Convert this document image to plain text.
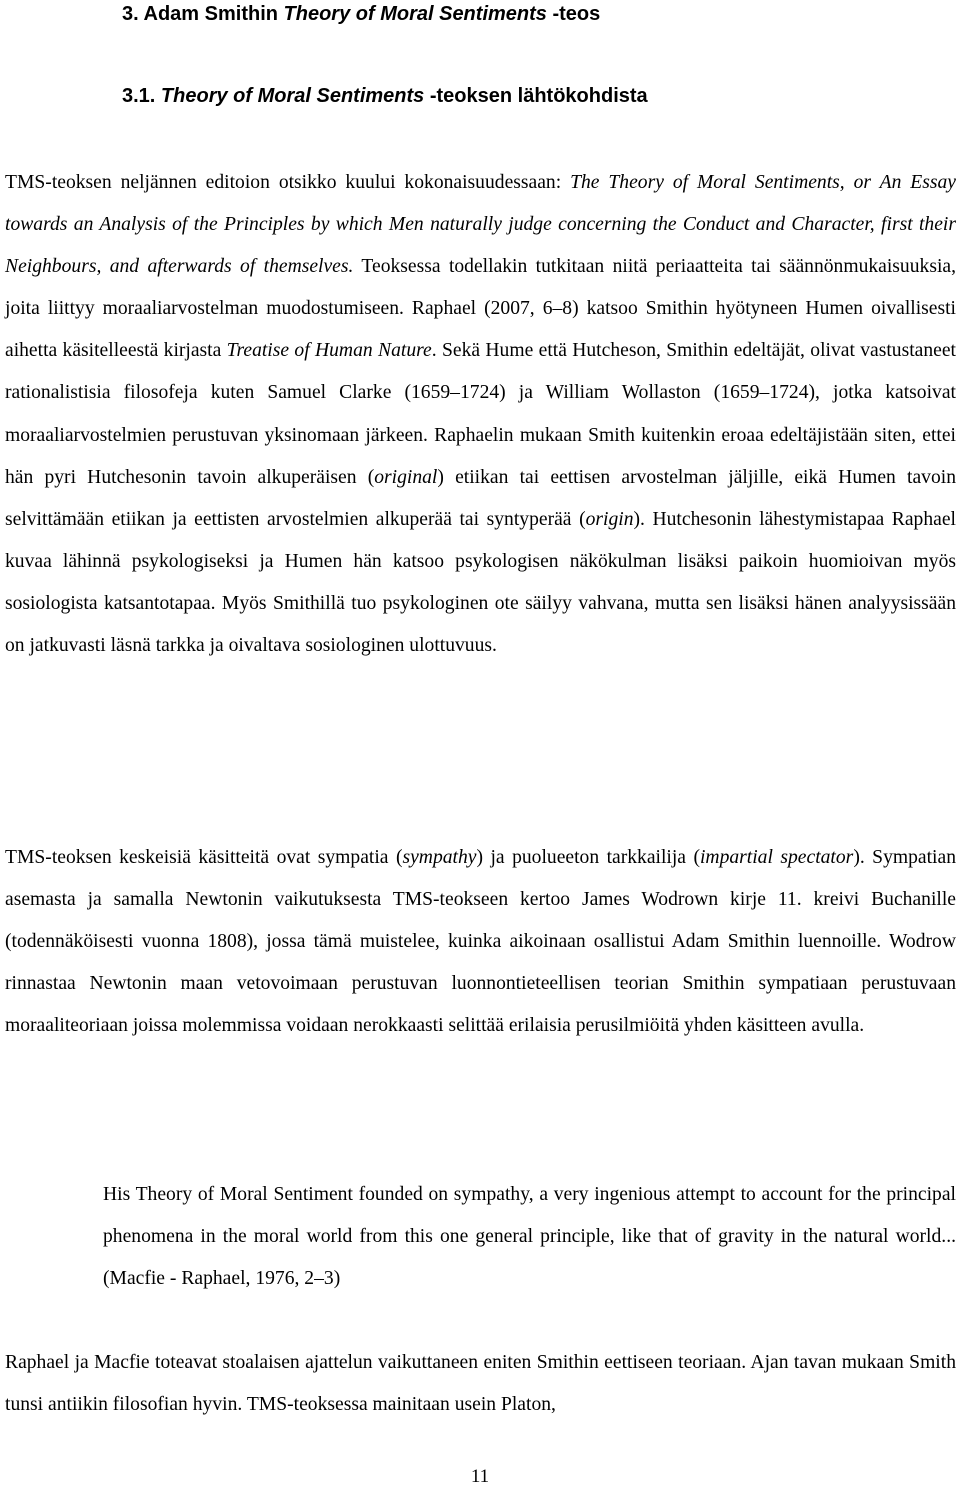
3. Adam Smithin Theory of Moral Sentiments -teos
3.1. Theory of Moral Sentiments -teoksen lähtökohdista

TMS-teoksen neljännen editoion otsikko kuului kokonaisuudessaan: The Theory of Moral Sentiments, or An Essay towards an Analysis of the Principles by which Men naturally judge concerning the Conduct and Character, first their Neighbours, and afterwards of themselves. Teoksessa todellakin tutkitaan niitä periaatteita tai säännönmukaisuuksia, joita liittyy moraaliarvostelman muodostumiseen. Raphael (2007, 6–8) katsoo Smithin hyötyneen Humen oivallisesti aihetta käsitelleestä kirjasta Treatise of Human Nature. Sekä Hume että Hutcheson, Smithin edeltäjät, olivat vastustaneet rationalistisia filosofeja kuten Samuel Clarke (1659–1724) ja William Wollaston (1659–1724), jotka katsoivat moraaliarvostelmien perustuvan yksinomaan järkeen. Raphaelin mukaan Smith kuitenkin eroaa edeltäjistään siten, ettei hän pyri Hutchesonin tavoin alkuperäisen (original) etiikan tai eettisen arvostelman jäljille, eikä Humen tavoin selvittämään etiikan ja eettisten arvostelmien alkuperää tai syntyperää (origin). Hutchesonin lähestymistapaa Raphael kuvaa lähinnä psykologiseksi ja Humen hän katsoo psykologisen näkökulman lisäksi paikoin huomioivan myös sosiologista katsantotapaa. Myös Smithillä tuo psykologinen ote säilyy vahvana, mutta sen lisäksi hänen analyysissään on jatkuvasti läsnä tarkka ja oivaltava sosiologinen ulottuvuus.

TMS-teoksen keskeisiä käsitteitä ovat sympatia (sympathy) ja puolueeton tarkkailija (impartial spectator). Sympatian asemasta ja samalla Newtonin vaikutuksesta TMS-teokseen kertoo James Wodrown kirje 11. kreivi Buchanille (todennäköisesti vuonna 1808), jossa tämä muistelee, kuinka aikoinaan osallistui Adam Smithin luennoille. Wodrow rinnastaa Newtonin maan vetovoimaan perustuvan luonnontieteellisen teorian Smithin sympatiaan perustuvaan moraaliteoriaan joissa molemmissa voidaan nerokkaasti selittää erilaisia perusilmiöitä yhden käsitteen avulla.

His Theory of Moral Sentiment founded on sympathy, a very ingenious attempt to account for the principal phenomena in the moral world from this one general principle, like that of gravity in the natural world... (Macfie - Raphael, 1976, 2–3)

Raphael ja Macfie toteavat stoalaisen ajattelun vaikuttaneen eniten Smithin eettiseen teoriaan. Ajan tavan mukaan Smith tunsi antiikin filosofian hyvin. TMS-teoksessa mainitaan usein Platon,

11
